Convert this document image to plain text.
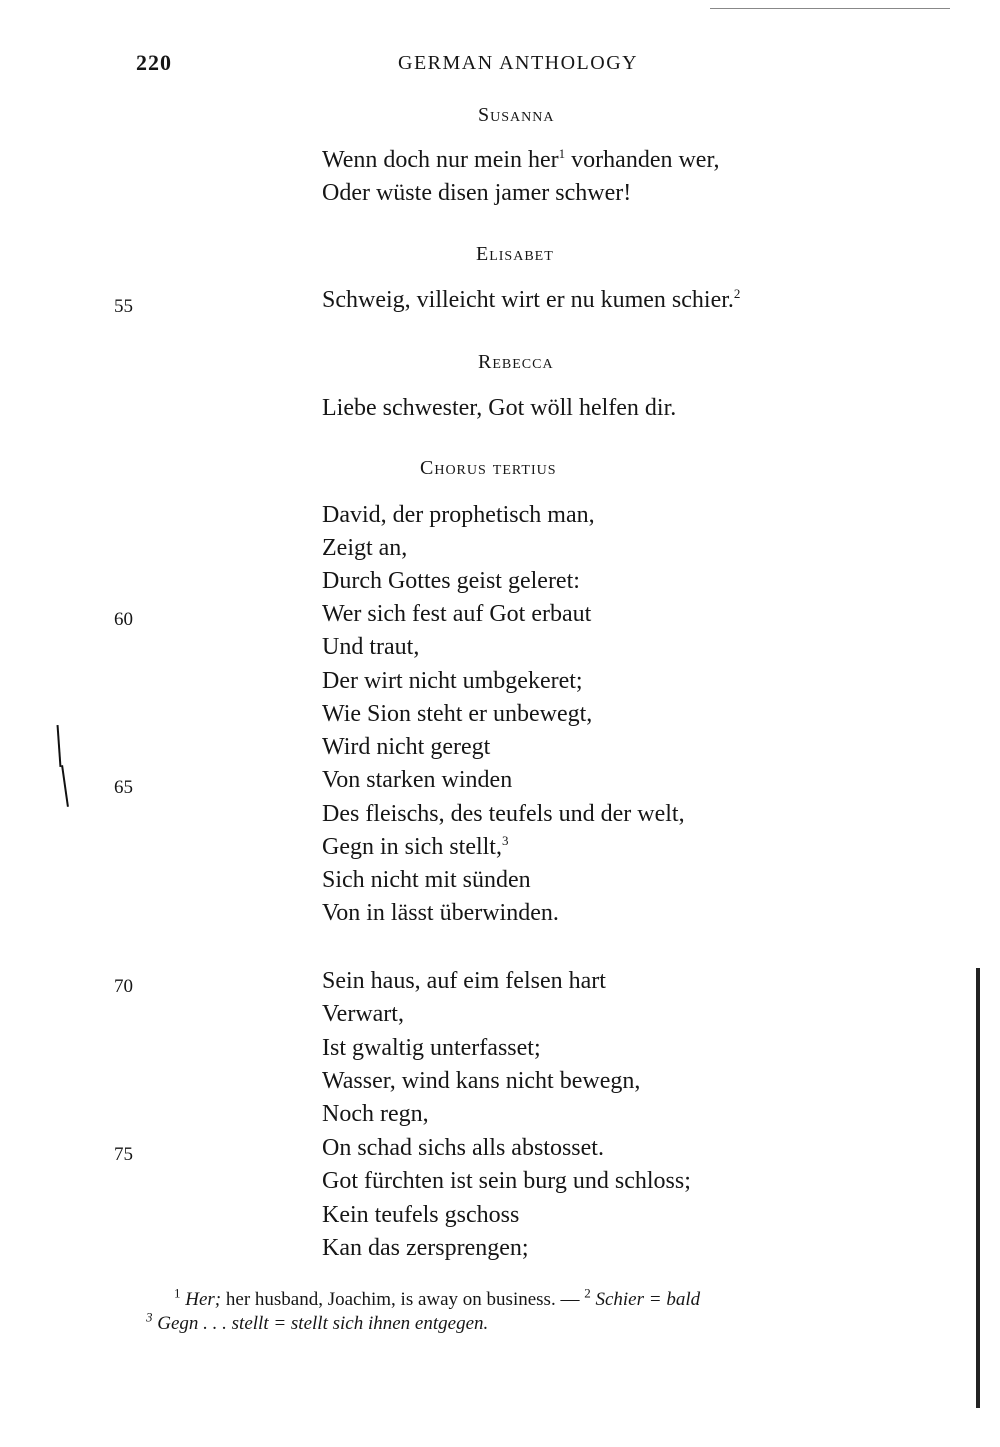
220	GERMAN ANTHOLOGY
Susanna
Wenn doch nur mein her$^1$ vorhanden wer,
Oder wüste disen jamer schwer!
Elisabet
55	Schweig, villeicht wirt er nu kumen schier.$^2$
Rebecca
Liebe schwester, Got wöll helfen dir.
Chorus tertius
David, der prophetisch man,
Zeigt an,
Durch Gottes geist geleret:
60	Wer sich fest auf Got erbaut
Und traut,
Der wirt nicht umbgekeret;
Wie Sion steht er unbewegt,
Wird nicht geregt
65	Von starken winden
Des fleischs, des teufels und der welt,
Gegn in sich stellt,$^3$
Sich nicht mit sünden
Von in lässt überwinden.
70	Sein haus, auf eim felsen hart
Verwart,
Ist gwaltig unterfasset;
Wasser, wind kans nicht bewegn,
Noch regn,
75	On schad sichs alls abstosset.
Got fürchten ist sein burg und schloss;
Kein teufels gschoss
Kan das zersprengen;
$^1$ Her; her husband, Joachim, is away on business. — $^2$ Schier = bald
$^3$ Gegn . . . stellt = stellt sich ihnen entgegen.
